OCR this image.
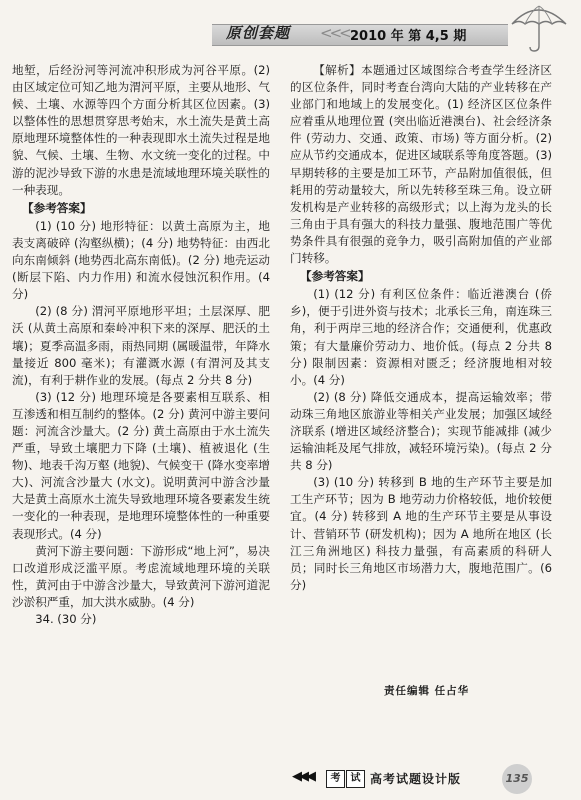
原创套题 <<< 2010 年 第 4,5 期

地堑，后经汾河等河流冲积形成为河谷平原。(2) 由区域定位可知乙地为渭河平原，主要从地形、气候、土壤、水源等四个方面分析其区位因素。(3) 以整体性的思想贯穿思考始末，水土流失是黄土高原地理环境整体性的一种表现即水土流失过程是地貌、气候、土壤、生物、水文统一变化的过程。中游的泥沙导致下游的水患是流域地理环境关联性的一种表现。

【参考答案】

(1) (10 分) 地形特征：以黄土高原为主，地表支离破碎 (沟壑纵横)；(4 分) 地势特征：由西北向东南倾斜 (地势西北高东南低)。(2 分) 地壳运动 (断层下陷、内力作用) 和流水侵蚀沉积作用。(4 分)

(2) (8 分) 渭河平原地形平坦；土层深厚、肥沃 (从黄土高原和秦岭冲积下来的深厚、肥沃的土壤)；夏季高温多雨，雨热同期 (属暖温带，年降水量接近 800 毫米)；有灌溉水源 (有渭河及其支流)，有利于耕作业的发展。(每点 2 分共 8 分)

(3) (12 分) 地理环境是各要素相互联系、相互渗透和相互制约的整体。(2 分) 黄河中游主要问题：河流含沙量大。(2 分) 黄土高原由于水土流失严重，导致土壤肥力下降 (土壤)、植被退化 (生物)、地表千沟万壑 (地貌)、气候变干 (降水变率增大)、河流含沙量大 (水文)。说明黄河中游含沙量大是黄土高原水土流失导致地理环境各要素发生统一变化的一种表现，是地理环境整体性的一种重要表现形式。(4 分)

黄河下游主要问题：下游形成“地上河”，易决口改道形成泛滥平原。考虑流域地理环境的关联性，黄河由于中游含沙量大，导致黄河下游河道泥沙淤积严重，加大洪水威胁。(4 分)

34. (30 分)

【解析】本题通过区域图综合考查学生经济区的区位条件，同时考查台湾向大陆的产业转移在产业部门和地域上的发展变化。(1) 经济区区位条件应着重从地理位置 (突出临近港澳台)、社会经济条件 (劳动力、交通、政策、市场) 等方面分析。(2) 应从节约交通成本，促进区域联系等角度答题。(3) 早期转移的主要是加工环节，产品附加值很低，但耗用的劳动量较大，所以先转移至珠三角。设立研发机构是产业转移的高级形式；以上海为龙头的长三角由于具有强大的科技力量强、腹地范围广等优势条件具有很强的竞争力，吸引高附加值的产业部门转移。

【参考答案】

(1) (12 分) 有利区位条件：临近港澳台 (侨乡)，便于引进外资与技术；北承长三角，南连珠三角，利于两岸三地的经济合作；交通便利，优惠政策；有大量廉价劳动力、地价低。(每点 2 分共 8 分) 限制因素：资源相对匮乏；经济腹地相对较小。(4 分)

(2) (8 分) 降低交通成本，提高运输效率；带动珠三角地区旅游业等相关产业发展；加强区域经济联系 (增进区域经济整合)；实现节能减排 (减少运输油耗及尾气排放，减轻环境污染)。(每点 2 分共 8 分)

(3) (10 分) 转移到 B 地的生产环节主要是加工生产环节；因为 B 地劳动力价格较低，地价较便宜。(4 分) 转移到 A 地的生产环节主要是从事设计、营销环节 (研发机构)；因为 A 地所在地区 (长江三角洲地区) 科技力量强，有高素质的科研人员；同时长三角地区市场潜力大，腹地范围广。(6 分)

责任编辑 任占华
◀◀◀	考	试 高考试题设计版	135
